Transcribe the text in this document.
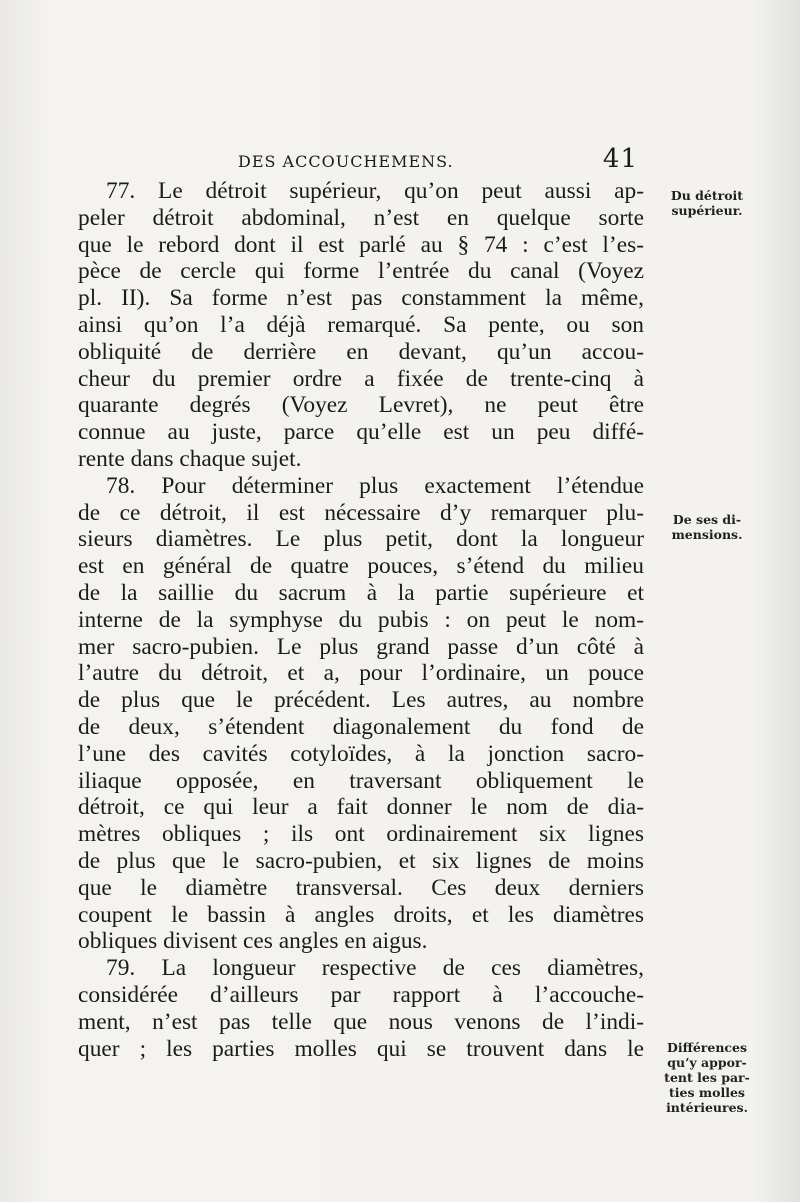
DES ACCOUCHEMENS.	41
77. Le détroit supérieur, qu’on peut aussi ap-
peler détroit abdominal, n’est en quelque sorte
que le rebord dont il est parlé au § 74 : c’est l’es-
pèce de cercle qui forme l’entrée du canal (Voyez
pl. II). Sa forme n’est pas constamment la même,
ainsi qu’on l’a déjà remarqué. Sa pente, ou son
obliquité de derrière en devant, qu’un accou-
cheur du premier ordre a fixée de trente-cinq à
quarante degrés (Voyez Levret), ne peut être
connue au juste, parce qu’elle est un peu diffé-
rente dans chaque sujet.
78. Pour déterminer plus exactement l’étendue
de ce détroit, il est nécessaire d’y remarquer plu-
sieurs diamètres. Le plus petit, dont la longueur
est en général de quatre pouces, s’étend du milieu
de la saillie du sacrum à la partie supérieure et
interne de la symphyse du pubis : on peut le nom-
mer sacro-pubien. Le plus grand passe d’un côté à
l’autre du détroit, et a, pour l’ordinaire, un pouce
de plus que le précédent. Les autres, au nombre
de deux, s’étendent diagonalement du fond de
l’une des cavités cotyloïdes, à la jonction sacro-
iliaque opposée, en traversant obliquement le
détroit, ce qui leur a fait donner le nom de dia-
mètres obliques ; ils ont ordinairement six lignes
de plus que le sacro-pubien, et six lignes de moins
que le diamètre transversal. Ces deux derniers
coupent le bassin à angles droits, et les diamètres
obliques divisent ces angles en aigus.
79. La longueur respective de ces diamètres,
considérée d’ailleurs par rapport à l’accouche-
ment, n’est pas telle que nous venons de l’indi-
quer ; les parties molles qui se trouvent dans le
Du détroit
supérieur.
De ses di-
mensions.
Différences
qu’y appor-
tent les par-
ties molles
intérieures.
